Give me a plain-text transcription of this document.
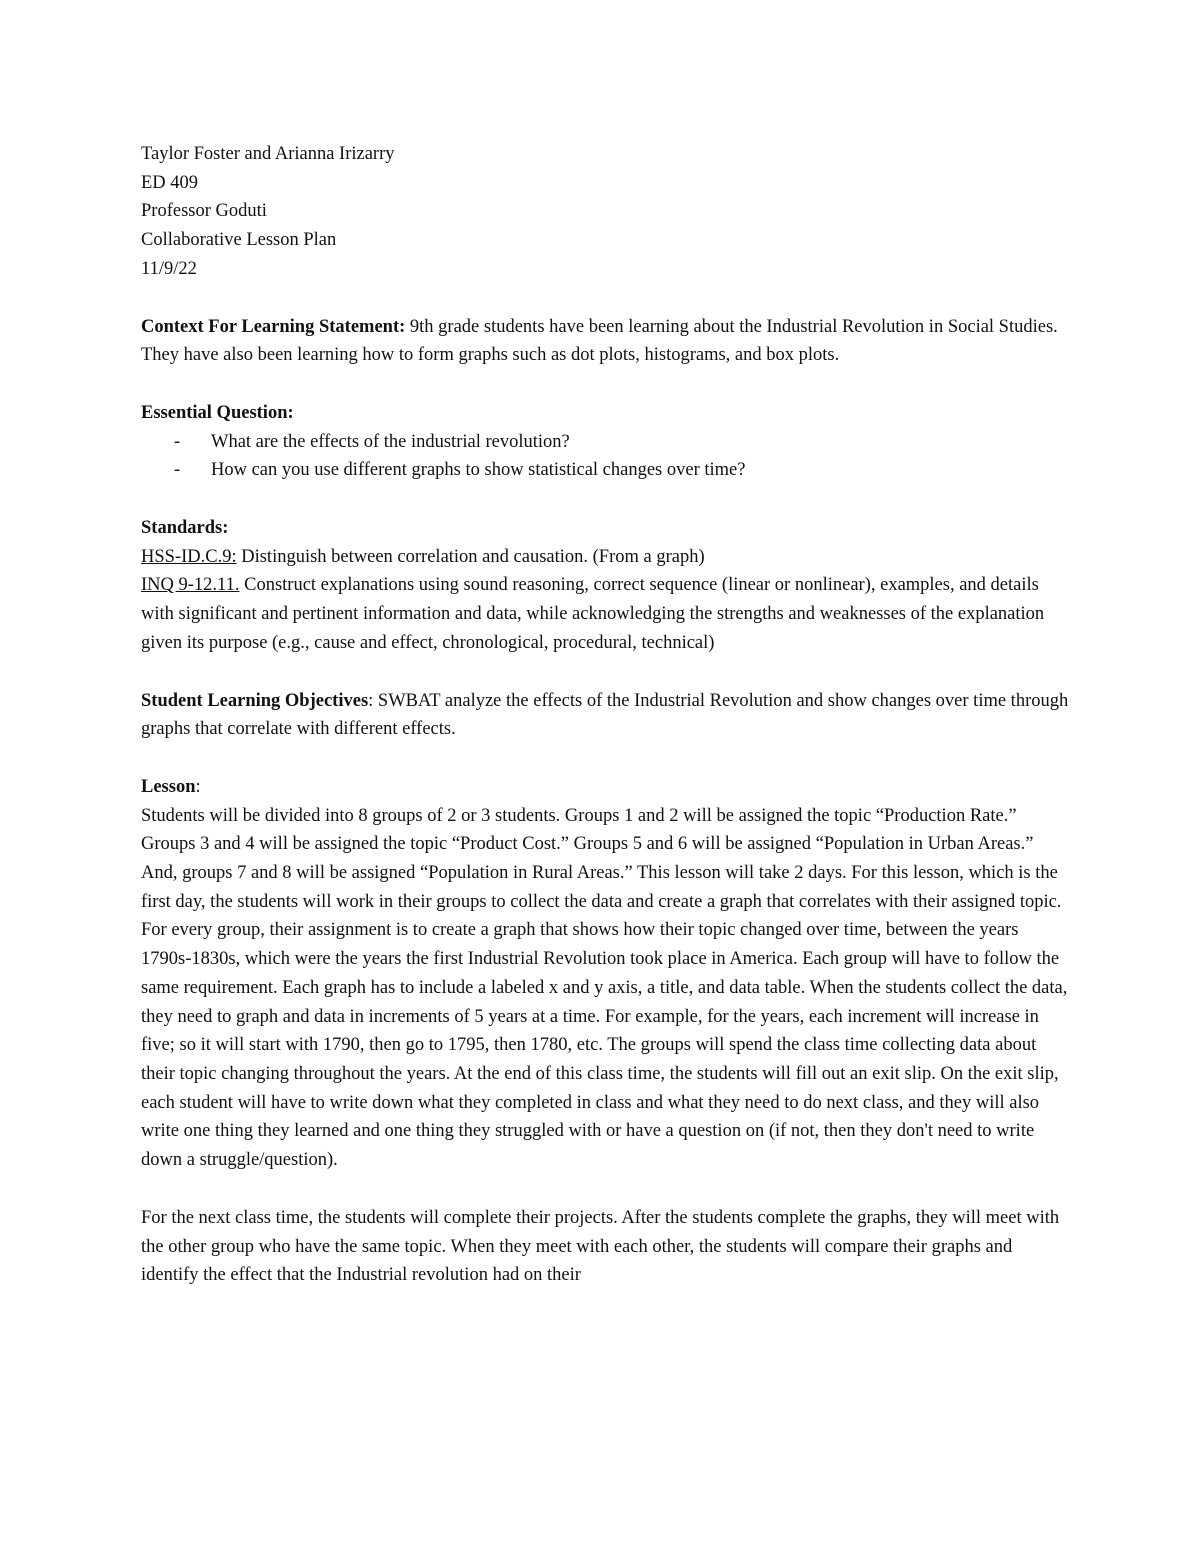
Taylor Foster and Arianna Irizarry
ED 409
Professor Goduti
Collaborative Lesson Plan
11/9/22

Context For Learning Statement: 9th grade students have been learning about the Industrial Revolution in Social Studies. They have also been learning how to form graphs such as dot plots, histograms, and box plots.

Essential Question:
- What are the effects of the industrial revolution?
- How can you use different graphs to show statistical changes over time?
Standards:

HSS-ID.C.9: Distinguish between correlation and causation. (From a graph)

INQ 9-12.11. Construct explanations using sound reasoning, correct sequence (linear or nonlinear), examples, and details with significant and pertinent information and data, while acknowledging the strengths and weaknesses of the explanation given its purpose (e.g., cause and effect, chronological, procedural, technical)

Student Learning Objectives: SWBAT analyze the effects of the Industrial Revolution and show changes over time through graphs that correlate with different effects.

Lesson:

Students will be divided into 8 groups of 2 or 3 students. Groups 1 and 2 will be assigned the topic “Production Rate.” Groups 3 and 4 will be assigned the topic “Product Cost.” Groups 5 and 6 will be assigned “Population in Urban Areas.” And, groups 7 and 8 will be assigned “Population in Rural Areas.” This lesson will take 2 days. For this lesson, which is the first day, the students will work in their groups to collect the data and create a graph that correlates with their assigned topic. For every group, their assignment is to create a graph that shows how their topic changed over time, between the years 1790s-1830s, which were the years the first Industrial Revolution took place in America. Each group will have to follow the same requirement. Each graph has to include a labeled x and y axis, a title, and data table. When the students collect the data, they need to graph and data in increments of 5 years at a time. For example, for the years, each increment will increase in five; so it will start with 1790, then go to 1795, then 1780, etc. The groups will spend the class time collecting data about their topic changing throughout the years. At the end of this class time, the students will fill out an exit slip. On the exit slip, each student will have to write down what they completed in class and what they need to do next class, and they will also write one thing they learned and one thing they struggled with or have a question on (if not, then they don't need to write down a struggle/question).

For the next class time, the students will complete their projects. After the students complete the graphs, they will meet with the other group who have the same topic. When they meet with each other, the students will compare their graphs and identify the effect that the Industrial revolution had on their
